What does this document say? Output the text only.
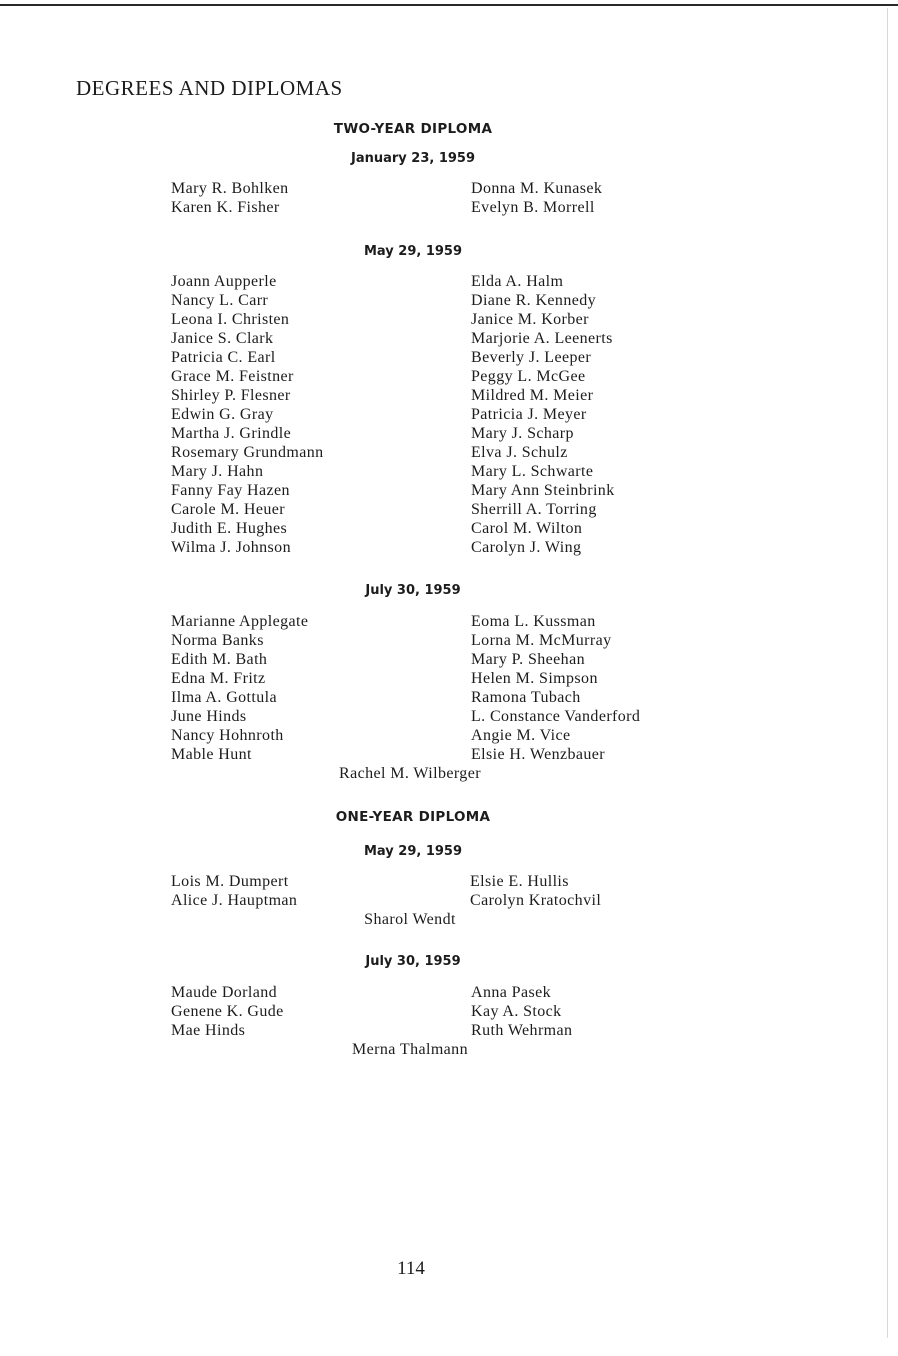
DEGREES AND DIPLOMAS
TWO-YEAR DIPLOMA
January 23, 1959
Mary R. Bohlken
Karen K. Fisher
Donna M. Kunasek
Evelyn B. Morrell
May 29, 1959
Joann Aupperle
Nancy L. Carr
Leona I. Christen
Janice S. Clark
Patricia C. Earl
Grace M. Feistner
Shirley P. Flesner
Edwin G. Gray
Martha J. Grindle
Rosemary Grundmann
Mary J. Hahn
Fanny Fay Hazen
Carole M. Heuer
Judith E. Hughes
Wilma J. Johnson
Elda A. Halm
Diane R. Kennedy
Janice M. Korber
Marjorie A. Leenerts
Beverly J. Leeper
Peggy L. McGee
Mildred M. Meier
Patricia J. Meyer
Mary J. Scharp
Elva J. Schulz
Mary L. Schwarte
Mary Ann Steinbrink
Sherrill A. Torring
Carol M. Wilton
Carolyn J. Wing
July 30, 1959
Marianne Applegate
Norma Banks
Edith M. Bath
Edna M. Fritz
Ilma A. Gottula
June Hinds
Nancy Hohnroth
Mable Hunt
Eoma L. Kussman
Lorna M. McMurray
Mary P. Sheehan
Helen M. Simpson
Ramona Tubach
L. Constance Vanderford
Angie M. Vice
Elsie H. Wenzbauer
Rachel M. Wilberger
ONE-YEAR DIPLOMA
May 29, 1959
Lois M. Dumpert
Alice J. Hauptman
Elsie E. Hullis
Carolyn Kratochvil
Sharol Wendt
July 30, 1959
Maude Dorland
Genene K. Gude
Mae Hinds
Anna Pasek
Kay A. Stock
Ruth Wehrman
Merna Thalmann
114
